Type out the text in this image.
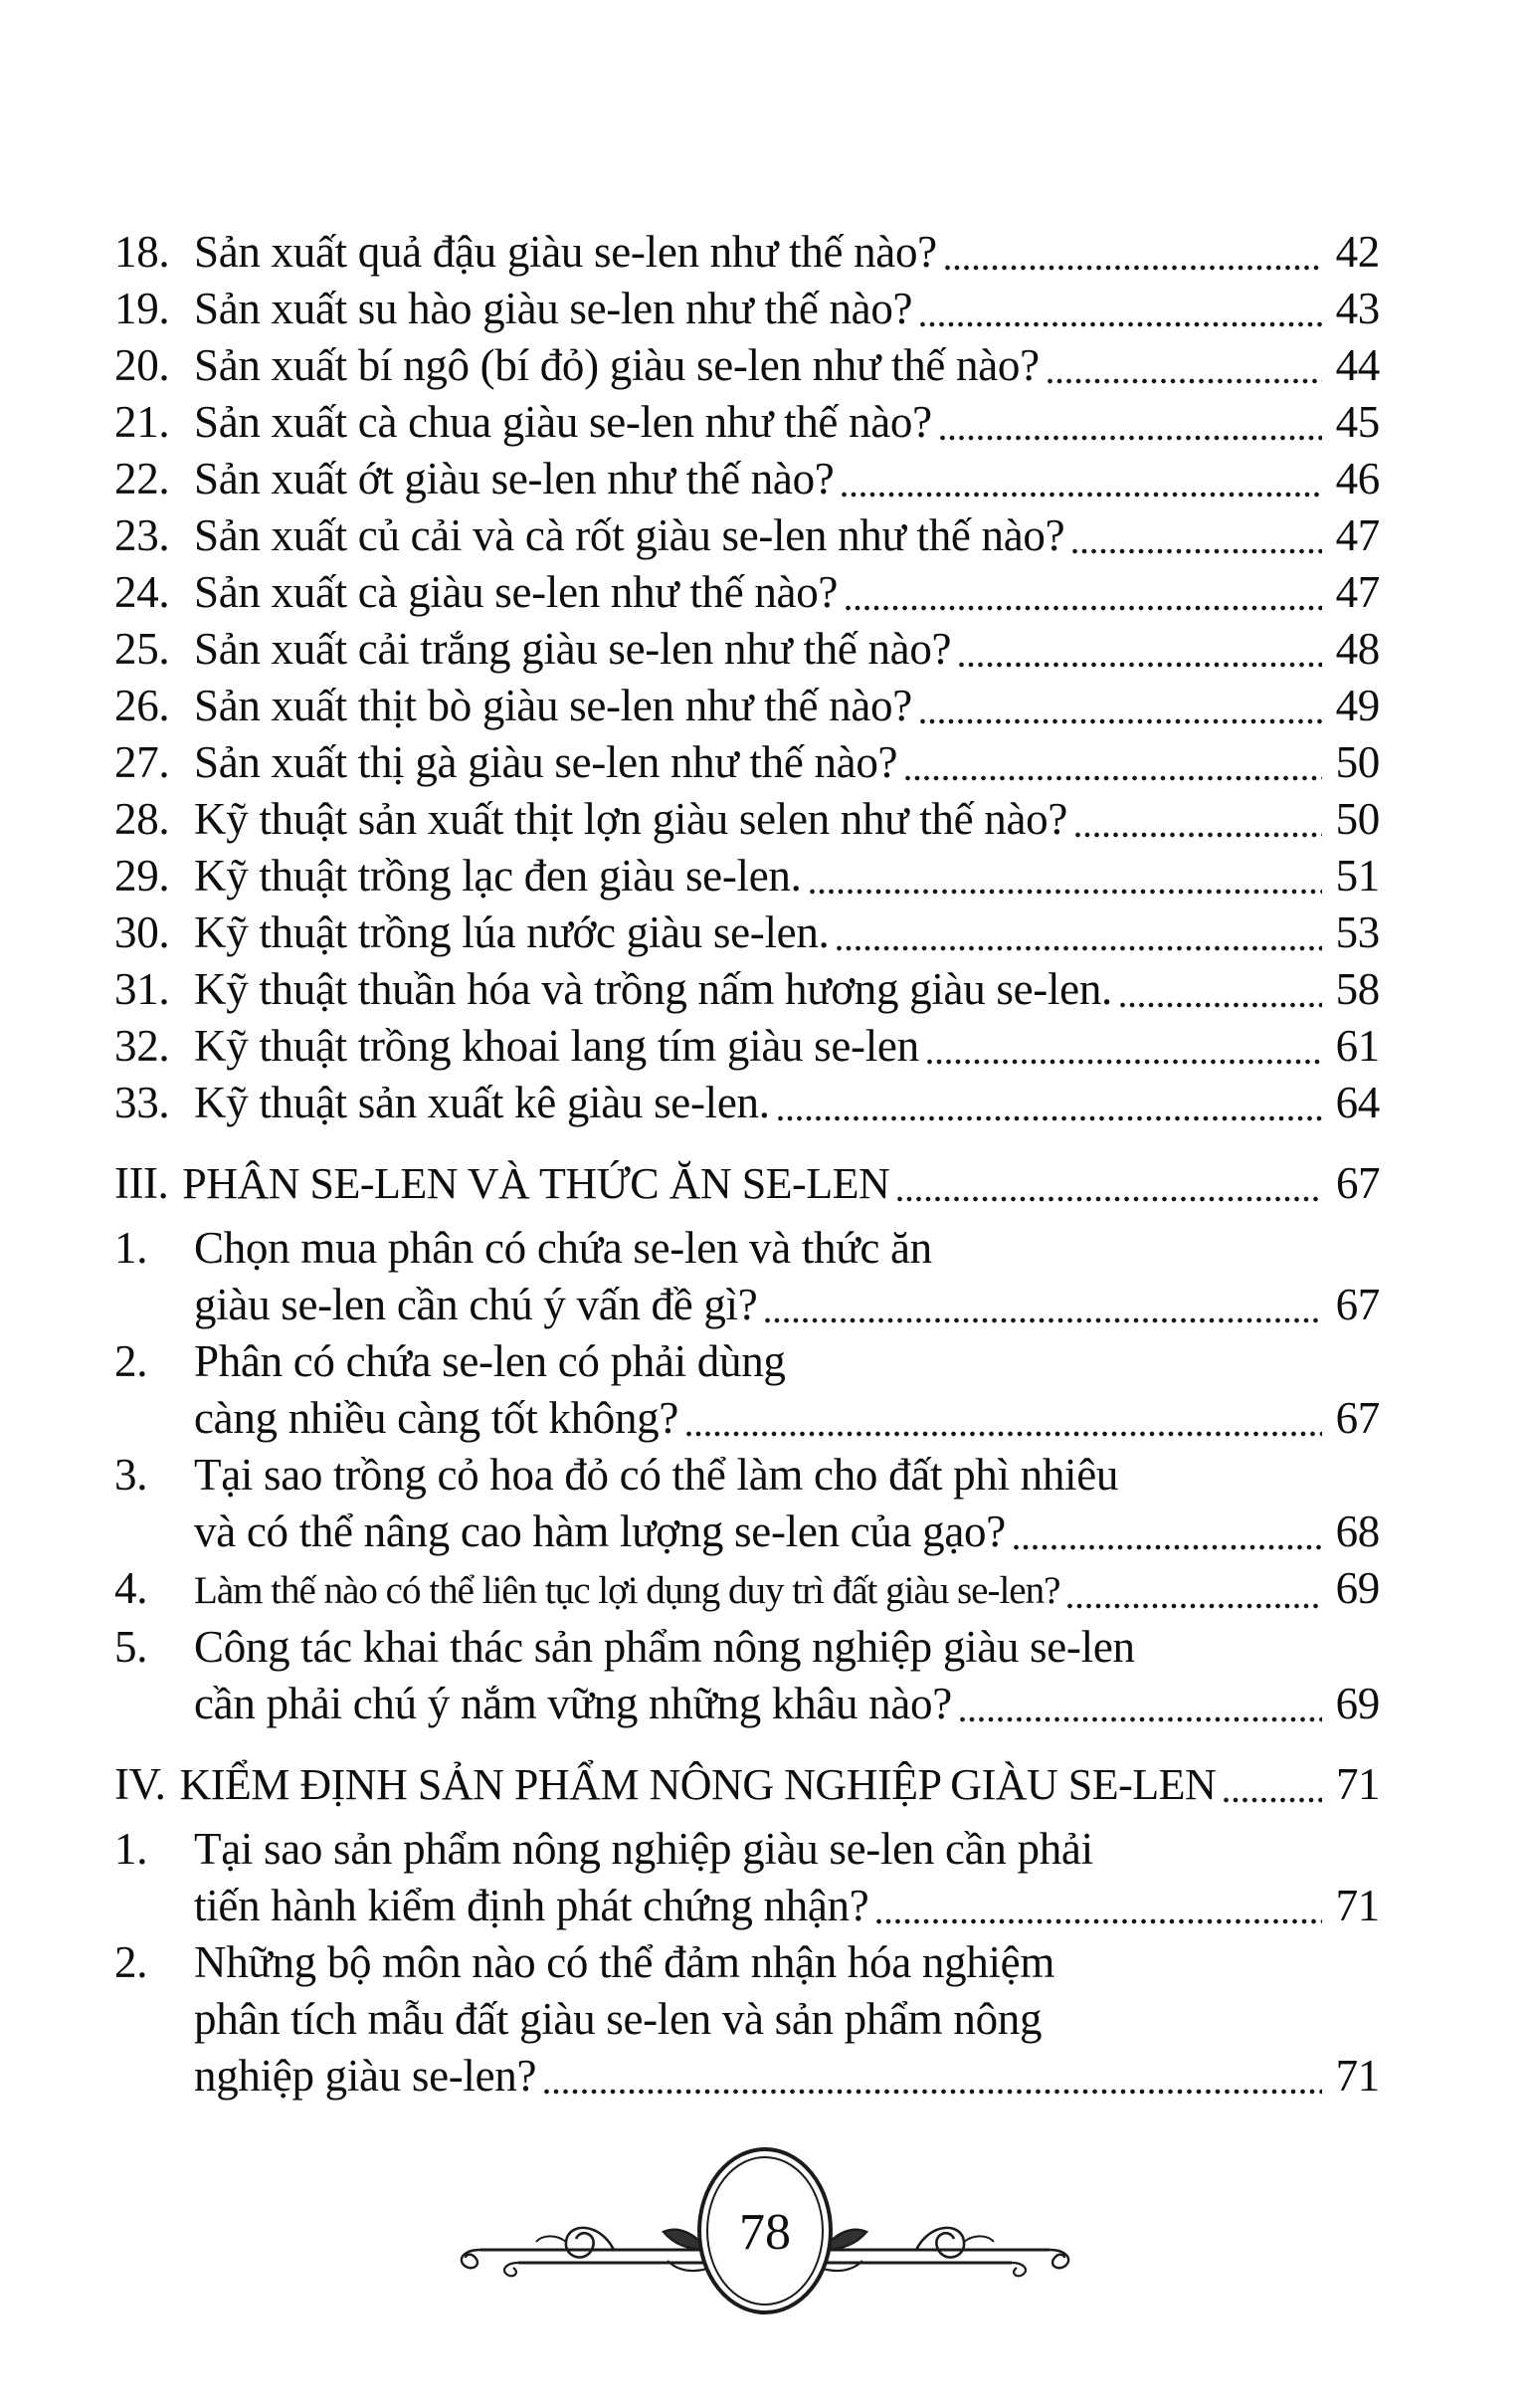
18. Sản xuất quả đậu giàu se-len như thế nào?	42
19. Sản xuất su hào giàu se-len như thế nào?	43
20. Sản xuất bí ngô (bí đỏ) giàu se-len như thế nào?	44
21. Sản xuất cà chua giàu se-len như thế nào?	45
22. Sản xuất ớt giàu se-len như thế nào?	46
23. Sản xuất củ cải và cà rốt giàu se-len như thế nào?	47
24. Sản xuất cà giàu se-len như thế nào?	47
25. Sản xuất cải trắng giàu se-len như thế nào?	48
26. Sản xuất thịt bò giàu se-len như thế nào?	49
27. Sản xuất thị gà giàu se-len như thế nào?	50
28. Kỹ thuật sản xuất thịt lợn giàu selen như thế nào?	50
29. Kỹ thuật trồng lạc đen giàu se-len.	51
30. Kỹ thuật trồng lúa nước giàu se-len.	53
31. Kỹ thuật thuần hóa và trồng nấm hương giàu se-len.	58
32. Kỹ thuật trồng khoai lang tím giàu se-len	61
33. Kỹ thuật sản xuất kê giàu se-len.	64
III. PHÂN SE-LEN VÀ THỨC ĂN SE-LEN	67
1.	Chọn mua phân có chứa se-len và thức ăn
giàu se-len cần chú ý vấn đề gì?	67
2.	Phân có chứa se-len có phải dùng
càng nhiều càng tốt không?	67
3.	Tại sao trồng cỏ hoa đỏ có thể làm cho đất phì nhiêu
và có thể nâng cao hàm lượng se-len của gạo?	68
4.	Làm thế nào có thể liên tục lợi dụng duy trì đất giàu se-len?	69
5.	Công tác khai thác sản phẩm nông nghiệp giàu se-len
cần phải chú ý nắm vững những khâu nào?	69
IV. KIỂM ĐỊNH SẢN PHẨM NÔNG NGHIỆP GIÀU SE-LEN	71
1.	Tại sao sản phẩm nông nghiệp giàu se-len cần phải
tiến hành kiểm định phát chứng nhận?	71
2.	Những bộ môn nào có thể đảm nhận hóa nghiệm
phân tích mẫu đất giàu se-len và sản phẩm nông
nghiệp giàu se-len?	71
78
